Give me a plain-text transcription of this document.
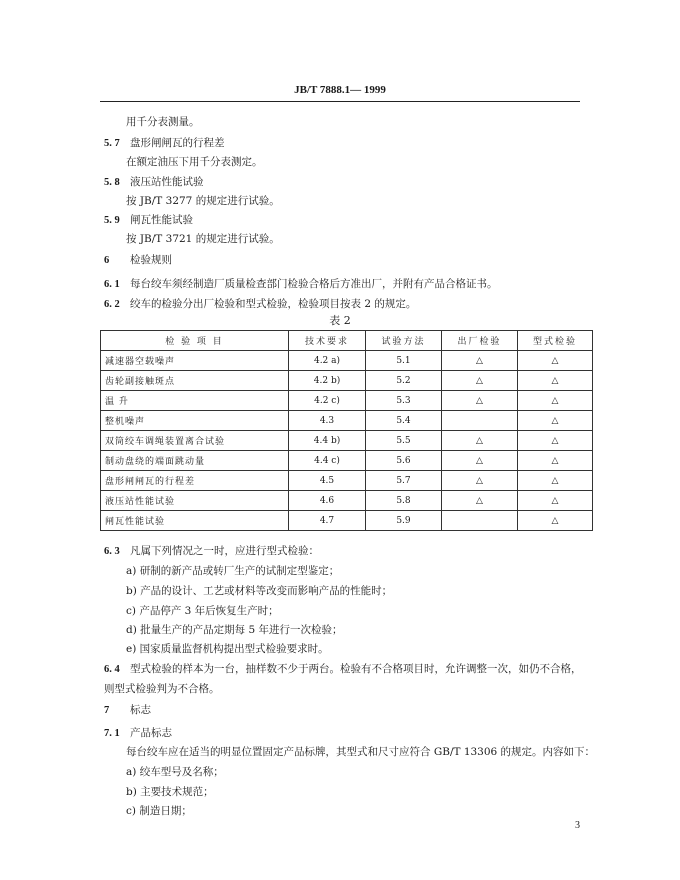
JB/T 7888.1— 1999
用千分表测量。
5. 7 盘形闸闸瓦的行程差
在额定油压下用千分表测定。
5. 8 液压站性能试验
按 JB/T 3277 的规定进行试验。
5. 9 闸瓦性能试验
按 JB/T 3721 的规定进行试验。
6 检验规则
6. 1 每台绞车须经制造厂质量检查部门检验合格后方准出厂，并附有产品合格证书。
6. 2 绞车的检验分出厂检验和型式检验，检验项目按表 2 的规定。
表 2
检 验 项 目	技术要求	试验方法	出厂检验	型式检验
减速器空载噪声	4.2 a)	5.1	△	△
齿轮副接触斑点	4.2 b)	5.2	△	△
温 升	4.2 c)	5.3	△	△
整机噪声	4.3	5.4		△
双筒绞车调绳装置离合试验	4.4 b)	5.5	△	△
制动盘绕的端面跳动量	4.4 c)	5.6	△	△
盘形闸闸瓦的行程差	4.5	5.7	△	△
液压站性能试验	4.6	5.8	△	△
闸瓦性能试验	4.7	5.9		△
6. 3 凡属下列情况之一时，应进行型式检验：
a) 研制的新产品或转厂生产的试制定型鉴定；
b) 产品的设计、工艺或材料等改变而影响产品的性能时；
c) 产品停产 3 年后恢复生产时；
d) 批量生产的产品定期每 5 年进行一次检验；
e) 国家质量监督机构提出型式检验要求时。
6. 4 型式检验的样本为一台，抽样数不少于两台。检验有不合格项目时，允许调整一次，如仍不合格，
则型式检验判为不合格。
7 标志
7. 1 产品标志
每台绞车应在适当的明显位置固定产品标牌，其型式和尺寸应符合 GB/T 13306 的规定。内容如下：
a) 绞车型号及名称；
b) 主要技术规范；
c) 制造日期；
3
